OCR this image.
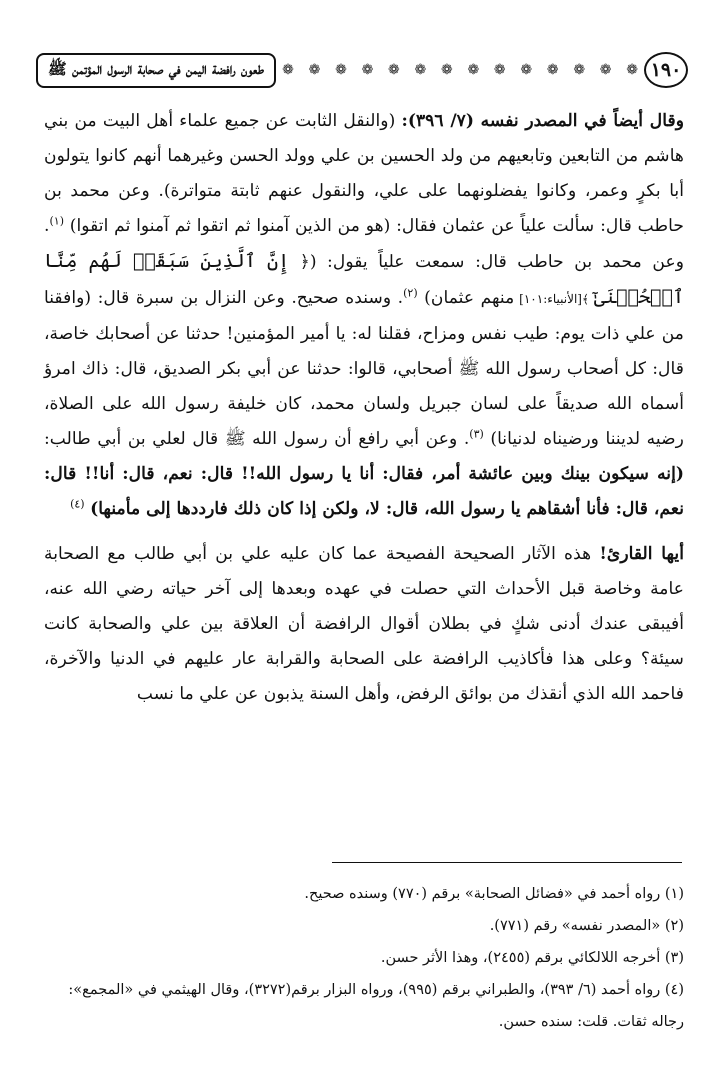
١٩٠
❁ ❁ ❁ ❁ ❁ ❁ ❁ ❁ ❁ ❁ ❁ ❁ ❁ ❁
طعون رافضة اليمن في صحابة الرسول المؤتمن ﷺ

وقال أيضاً في المصدر نفسه (٧/ ٣٩٦): (والنقل الثابت عن جميع علماء أهل البيت من بني هاشم من التابعين وتابعيهم من ولد الحسين بن علي وولد الحسن وغيرهما أنهم كانوا يتولون أبا بكرٍ وعمر، وكانوا يفضلونهما على علي، والنقول عنهم ثابتة متواترة). وعن محمد بن حاطب قال: سألت علياً عن عثمان فقال: (هو من الذين آمنوا ثم اتقوا ثم آمنوا ثم اتقوا) $^{(١)}$. وعن محمد بن حاطب قال: سمعت علياً يقول: (﴿ إِنَّ ٱلَّذِينَ سَبَقَتۡ لَهُم مِّنَّا ٱلۡحُسۡنَىٰٓ ﴾[الأنبياء:١٠١] منهم عثمان) $^{(٢)}$. وسنده صحيح. وعن النزال بن سبرة قال: (وافقنا من علي ذات يوم: طيب نفس ومزاح، فقلنا له: يا أمير المؤمنين! حدثنا عن أصحابك خاصة، قال: كل أصحاب رسول الله ﷺ أصحابي، قالوا: حدثنا عن أبي بكر الصديق، قال: ذاك امرؤ أسماه الله صديقاً على لسان جبريل ولسان محمد، كان خليفة رسول الله على الصلاة، رضيه لديننا ورضيناه لدنيانا) $^{(٣)}$. وعن أبي رافع أن رسول الله ﷺ قال لعلي بن أبي طالب: (إنه سيكون بينك وبين عائشة أمر، فقال: أنا يا رسول الله!! قال: نعم، قال: أنا!! قال: نعم، قال: فأنا أشقاهم يا رسول الله، قال: لا، ولكن إذا كان ذلك فارددها إلى مأمنها) $^{(٤)}$

أيها القارئ! هذه الآثار الصحيحة الفصيحة عما كان عليه علي بن أبي طالب مع الصحابة عامة وخاصة قبل الأحداث التي حصلت في عهده وبعدها إلى آخر حياته رضي الله عنه، أفيبقى عندك أدنى شكٍ في بطلان أقوال الرافضة أن العلاقة بين علي والصحابة كانت سيئة؟ وعلى هذا فأكاذيب الرافضة على الصحابة والقرابة عار عليهم في الدنيا والآخرة، فاحمد الله الذي أنقذك من بوائق الرفض، وأهل السنة يذبون عن علي ما نسب

(١) رواه أحمد في «فضائل الصحابة» برقم (٧٧٠) وسنده صحيح.
(٢) «المصدر نفسه» رقم (٧٧١).
(٣) أخرجه اللالكائي برقم (٢٤٥٥)، وهذا الأثر حسن.
(٤) رواه أحمد (٦/ ٣٩٣)، والطبراني برقم (٩٩٥)، ورواه البزار برقم(٣٢٧٢)، وقال الهيثمي في «المجمع»: رجاله ثقات. قلت: سنده حسن.
